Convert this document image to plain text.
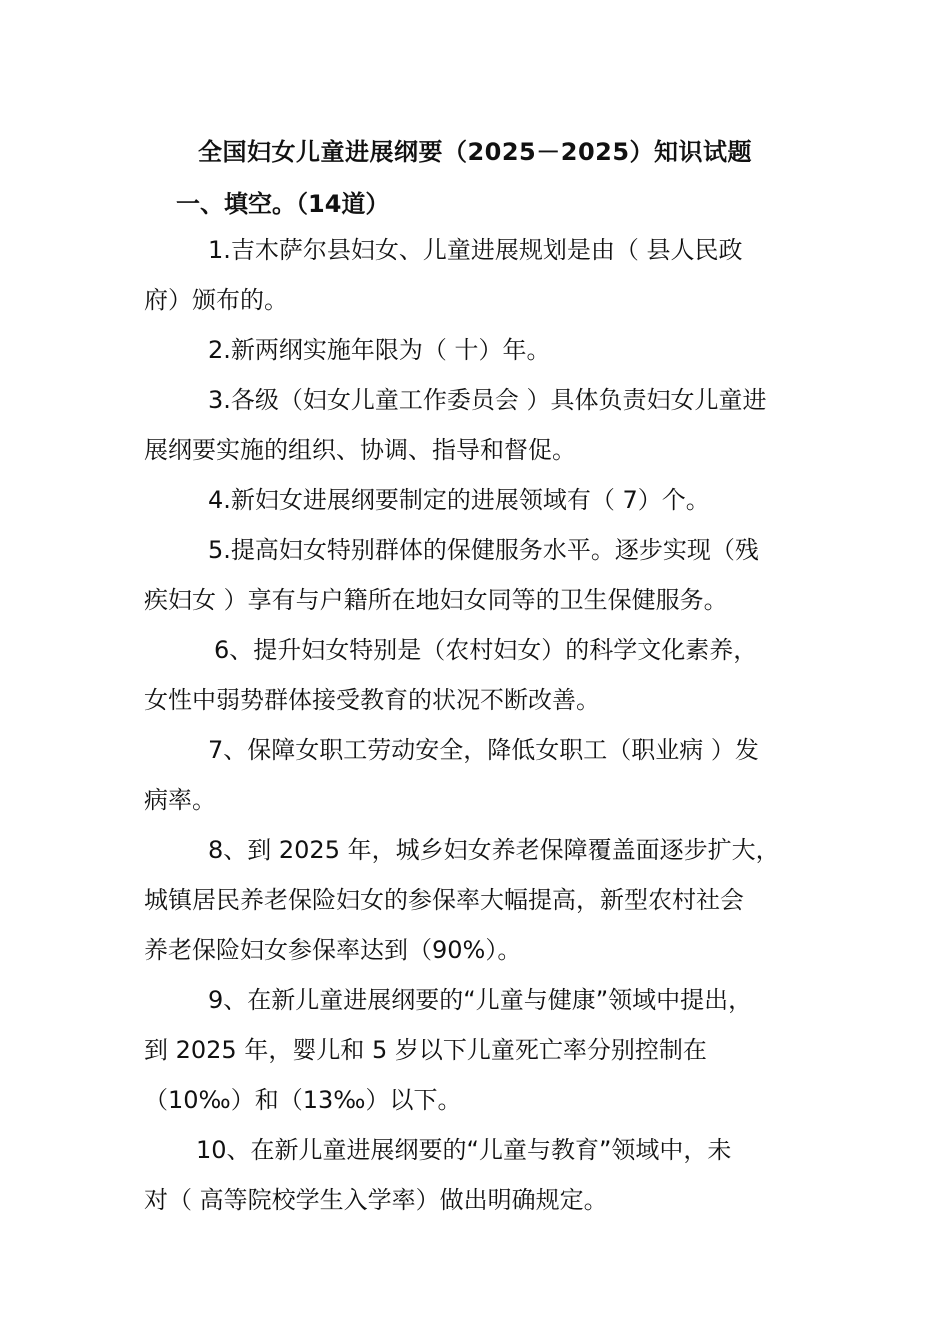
全国妇女儿童进展纲要（2025－2025）知识试题
一、填空。（14道）
1.吉木萨尔县妇女、儿童进展规划是由（ 县人民政
府）颁布的。
2.新两纲实施年限为（ 十）年。
3.各级（妇女儿童工作委员会 ）具体负责妇女儿童进
展纲要实施的组织、协调、指导和督促。
4.新妇女进展纲要制定的进展领域有（ 7）个。
5.提高妇女特别群体的保健服务水平。逐步实现（残
疾妇女 ）享有与户籍所在地妇女同等的卫生保健服务。
6、提升妇女特别是（农村妇女）的科学文化素养，
女性中弱势群体接受教育的状况不断改善。
7、保障女职工劳动安全，降低女职工（职业病 ）发
病率。
8、到 2025 年，城乡妇女养老保障覆盖面逐步扩大，
城镇居民养老保险妇女的参保率大幅提高，新型农村社会
养老保险妇女参保率达到（90%）。
9、在新儿童进展纲要的“儿童与健康”领域中提出，
到 2025 年，婴儿和 5 岁以下儿童死亡率分别控制在
（10‰）和（13‰）以下。
10、在新儿童进展纲要的“儿童与教育”领域中，未
对（ 高等院校学生入学率）做出明确规定。
